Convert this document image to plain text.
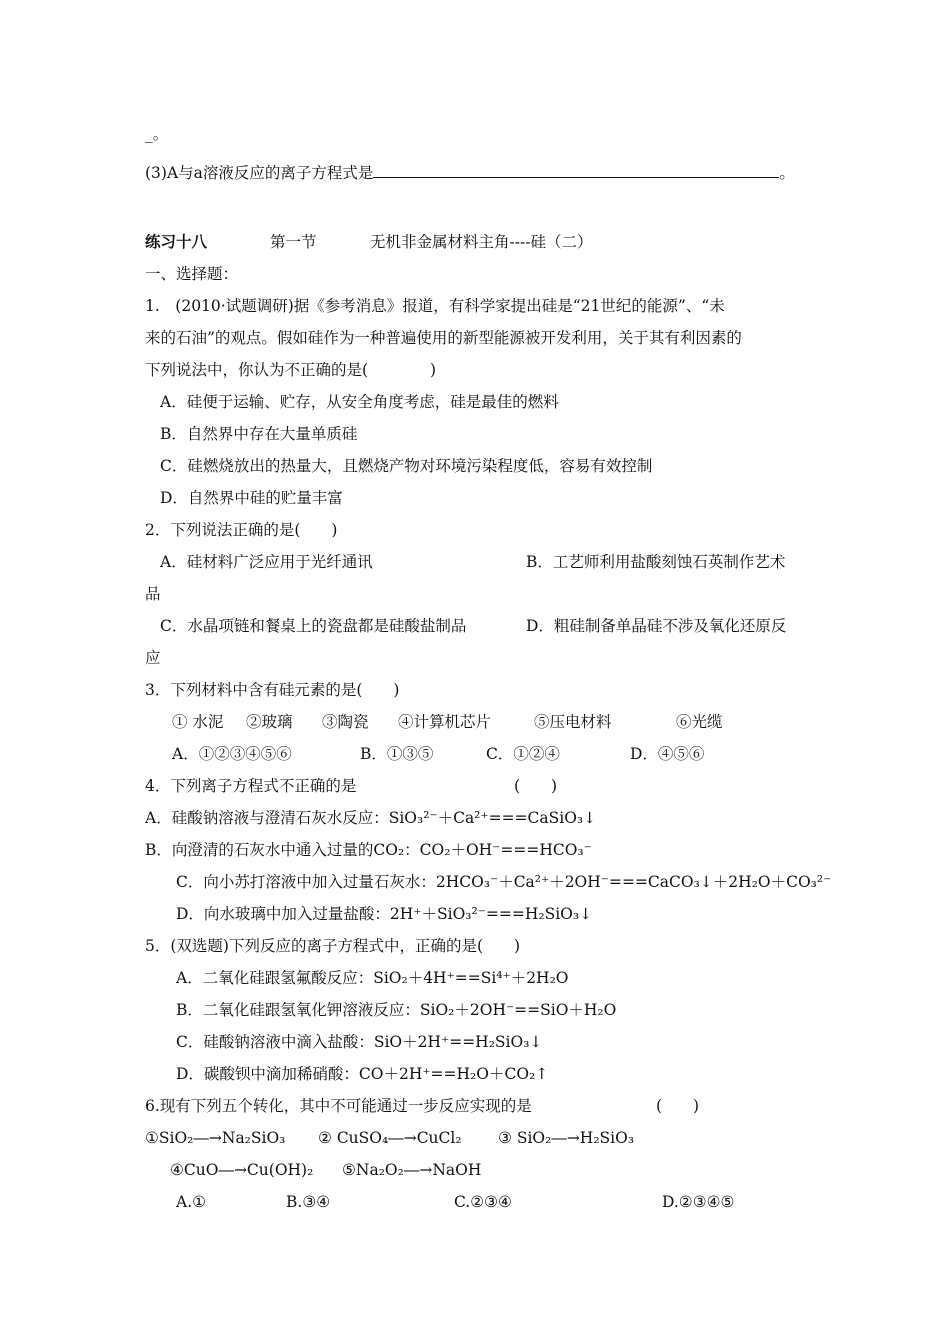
_。
(3)A与a溶液反应的离子方程式是	。
练习十八	第一节	无机非金属材料主角----硅（二）
一、选择题：
1.　(2010·试题调研)据《参考消息》报道，有科学家提出硅是“21世纪的能源”、“未
来的石油”的观点。假如硅作为一种普遍使用的新型能源被开发利用，关于其有利因素的
下列说法中，你认为不正确的是(　　　　)
A．硅便于运输、贮存，从安全角度考虑，硅是最佳的燃料
B．自然界中存在大量单质硅
C．硅燃烧放出的热量大，且燃烧产物对环境污染程度低，容易有效控制
D．自然界中硅的贮量丰富
2．下列说法正确的是(　　)
A．硅材料广泛应用于光纤通讯	B．工艺师利用盐酸刻蚀石英制作艺术
品
C．水晶项链和餐桌上的瓷盘都是硅酸盐制品	D．粗硅制备单晶硅不涉及氧化还原反
应
3．下列材料中含有硅元素的是(　　)
① 水泥 ②玻璃 ③陶瓷 ④计算机芯片	⑤压电材料	⑥光缆
A．①②③④⑤⑥	B．①③⑤	C．①②④	D．④⑤⑥
4．下列离子方程式不正确的是	(　　)
A．硅酸钠溶液与澄清石灰水反应：SiO₃²⁻＋Ca²⁺===CaSiO₃↓
B．向澄清的石灰水中通入过量的CO₂：CO₂＋OH⁻===HCO₃⁻
C．向小苏打溶液中加入过量石灰水：2HCO₃⁻＋Ca²⁺＋2OH⁻===CaCO₃↓＋2H₂O＋CO₃²⁻
D．向水玻璃中加入过量盐酸：2H⁺＋SiO₃²⁻===H₂SiO₃↓
5．(双选题)下列反应的离子方程式中，正确的是(　　)
A．二氧化硅跟氢氟酸反应：SiO₂＋4H⁺==Si⁴⁺＋2H₂O
B．二氧化硅跟氢氧化钾溶液反应：SiO₂＋2OH⁻==SiO＋H₂O
C．硅酸钠溶液中滴入盐酸：SiO＋2H⁺==H₂SiO₃↓
D．碳酸钡中滴加稀硝酸：CO＋2H⁺==H₂O＋CO₂↑
6.现有下列五个转化，其中不可能通过一步反应实现的是	(　　)
①SiO₂―→Na₂SiO₃ ② CuSO₄―→CuCl₂ ③ SiO₂―→H₂SiO₃
④CuO―→Cu(OH)₂ ⑤Na₂O₂―→NaOH
A.①	B.③④	C.②③④	D.②③④⑤
